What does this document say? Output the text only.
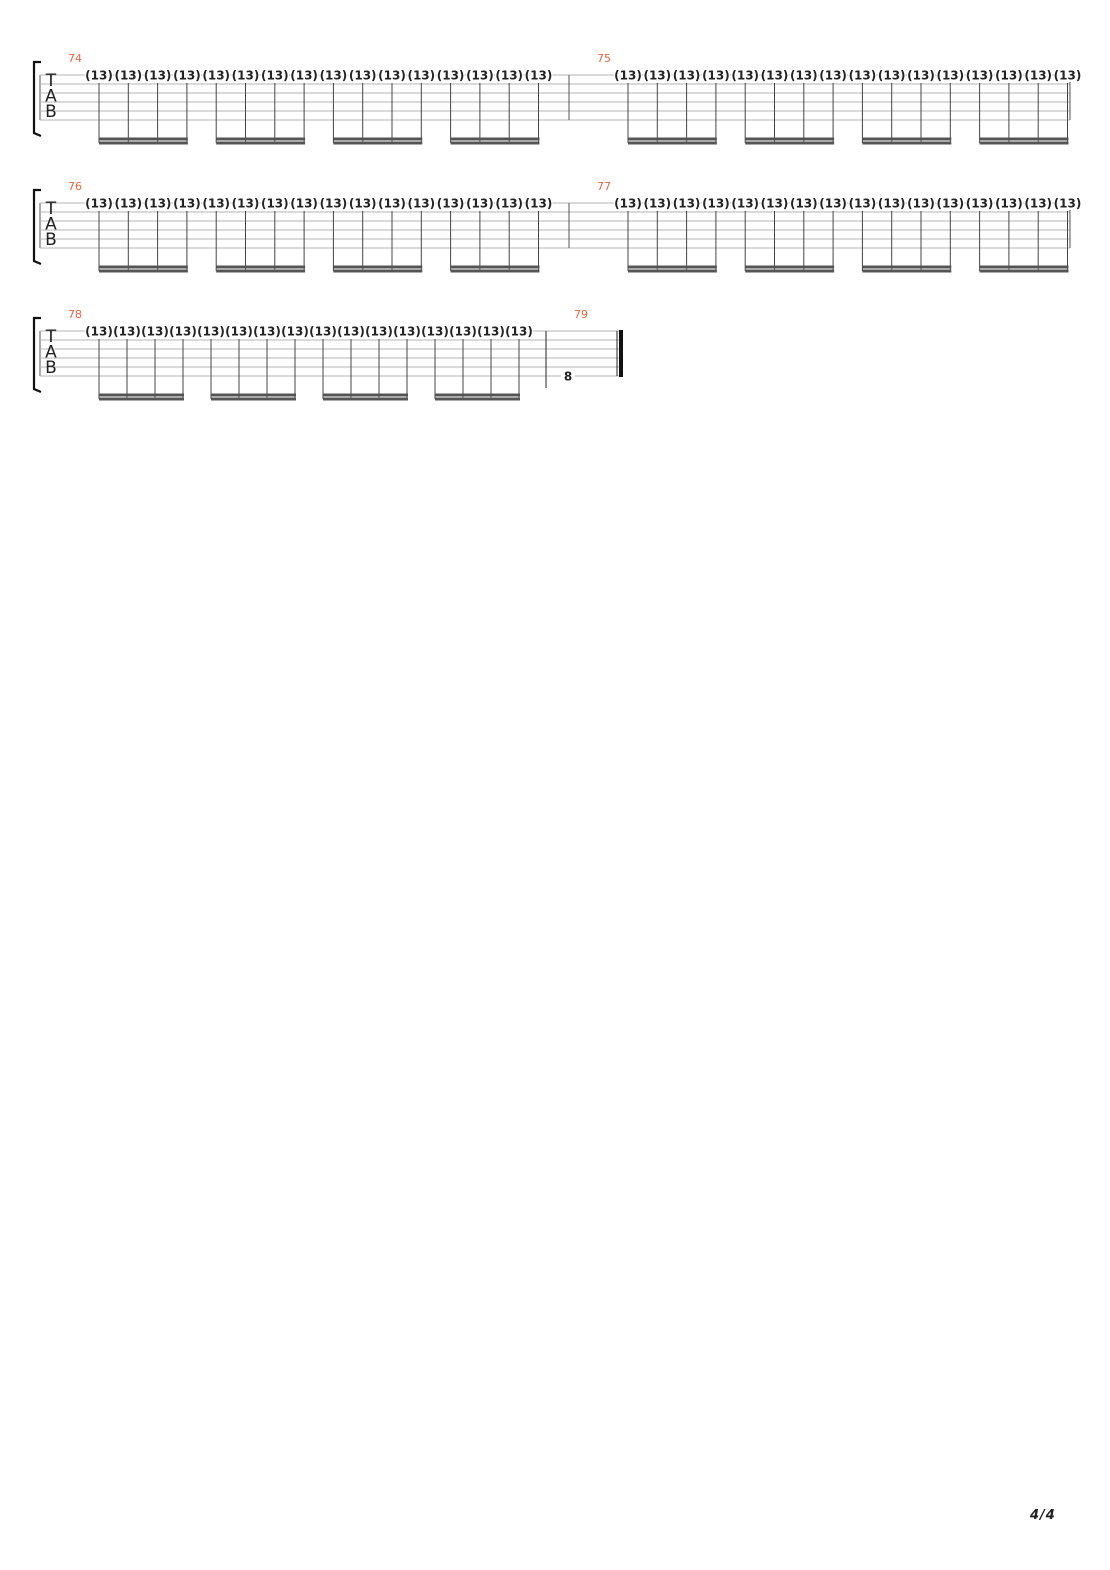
T
A
B
74
(13) (13) (13) (13) (13) (13) (13) (13) (13) (13) (13) (13) (13) (13) (13) (13)
75
(13) (13) (13) (13) (13) (13) (13) (13) (13) (13) (13) (13) (13) (13) (13) (13)
T
A
B
76
(13) (13) (13) (13) (13) (13) (13) (13) (13) (13) (13) (13) (13) (13) (13) (13)
77
(13) (13) (13) (13) (13) (13) (13) (13) (13) (13) (13) (13) (13) (13) (13) (13)
T
A
B
78
(13) (13) (13) (13) (13) (13) (13) (13) (13) (13) (13) (13) (13) (13) (13) (13)
79
8
4/4
